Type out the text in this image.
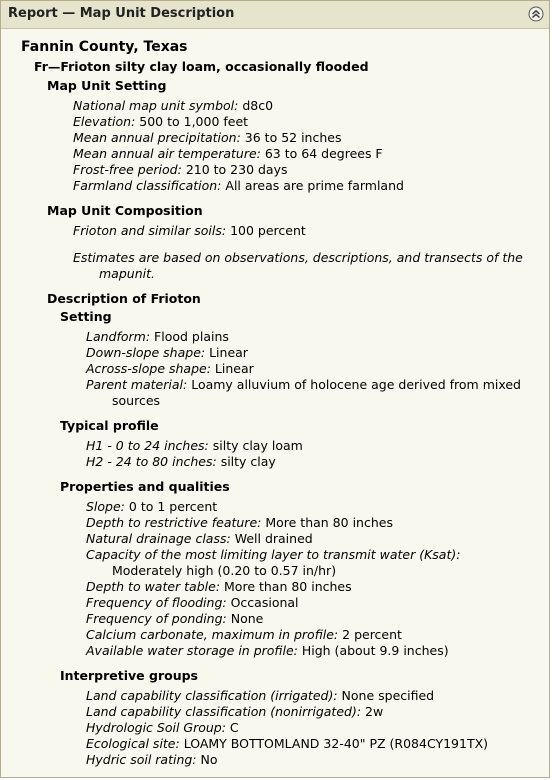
Report — Map Unit Description
Fannin County, Texas
Fr—Frioton silty clay loam, occasionally flooded
Map Unit Setting
National map unit symbol: d8c0
Elevation: 500 to 1,000 feet
Mean annual precipitation: 36 to 52 inches
Mean annual air temperature: 63 to 64 degrees F
Frost-free period: 210 to 230 days
Farmland classification: All areas are prime farmland
Map Unit Composition
Frioton and similar soils: 100 percent
Estimates are based on observations, descriptions, and transects of the
mapunit.
Description of Frioton
Setting
Landform: Flood plains
Down-slope shape: Linear
Across-slope shape: Linear
Parent material: Loamy alluvium of holocene age derived from mixed
sources
Typical profile
H1 - 0 to 24 inches: silty clay loam
H2 - 24 to 80 inches: silty clay
Properties and qualities
Slope: 0 to 1 percent
Depth to restrictive feature: More than 80 inches
Natural drainage class: Well drained
Capacity of the most limiting layer to transmit water (Ksat):
Moderately high (0.20 to 0.57 in/hr)
Depth to water table: More than 80 inches
Frequency of flooding: Occasional
Frequency of ponding: None
Calcium carbonate, maximum in profile: 2 percent
Available water storage in profile: High (about 9.9 inches)
Interpretive groups
Land capability classification (irrigated): None specified
Land capability classification (nonirrigated): 2w
Hydrologic Soil Group: C
Ecological site: LOAMY BOTTOMLAND 32-40" PZ (R084CY191TX)
Hydric soil rating: No
